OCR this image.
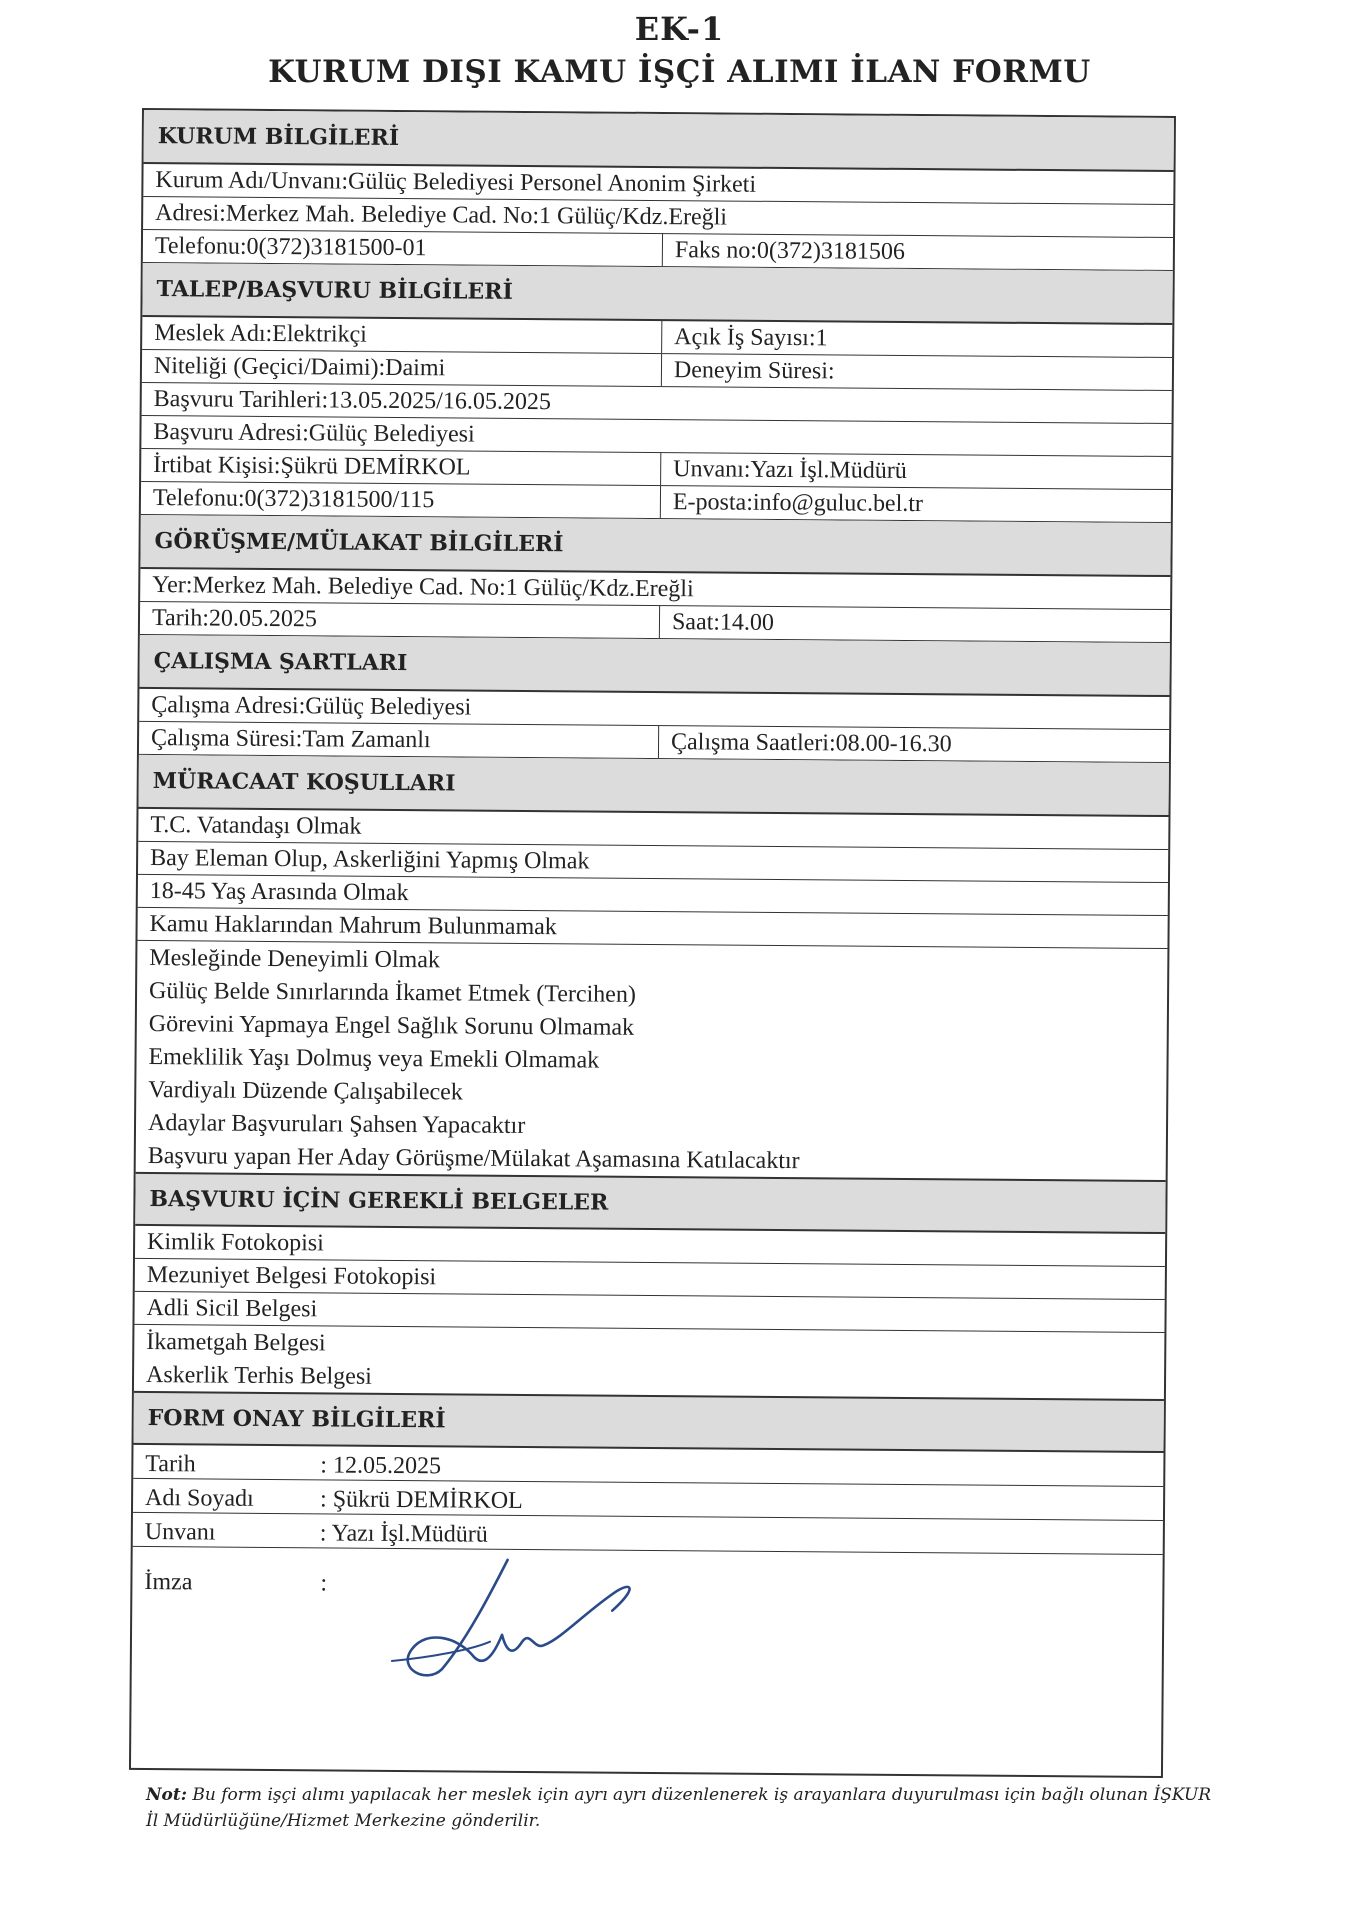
EK-1
KURUM DIŞI KAMU İŞÇİ ALIMI İLAN FORMU
KURUM BİLGİLERİ
Kurum Adı/Unvanı:Gülüç Belediyesi Personel Anonim Şirketi
Adresi:Merkez Mah. Belediye Cad. No:1 Gülüç/Kdz.Ereğli
Telefonu:0(372)3181500-01	Faks no:0(372)3181506
TALEP/BAŞVURU BİLGİLERİ
Meslek Adı:Elektrikçi	Açık İş Sayısı:1
Niteliği (Geçici/Daimi):Daimi	Deneyim Süresi:
Başvuru Tarihleri:13.05.2025/16.05.2025
Başvuru Adresi:Gülüç Belediyesi
İrtibat Kişisi:Şükrü DEMİRKOL	Unvanı:Yazı İşl.Müdürü
Telefonu:0(372)3181500/115	E-posta:info@guluc.bel.tr
GÖRÜŞME/MÜLAKAT BİLGİLERİ
Yer:Merkez Mah. Belediye Cad. No:1 Gülüç/Kdz.Ereğli
Tarih:20.05.2025	Saat:14.00
ÇALIŞMA ŞARTLARI
Çalışma Adresi:Gülüç Belediyesi
Çalışma Süresi:Tam Zamanlı	Çalışma Saatleri:08.00-16.30
MÜRACAAT KOŞULLARI
T.C. Vatandaşı Olmak
Bay Eleman Olup, Askerliğini Yapmış Olmak
18-45 Yaş Arasında Olmak
Kamu Haklarından Mahrum Bulunmamak
Mesleğinde Deneyimli Olmak
Gülüç Belde Sınırlarında İkamet Etmek (Tercihen)
Görevini Yapmaya Engel Sağlık Sorunu Olmamak
Emeklilik Yaşı Dolmuş veya Emekli Olmamak
Vardiyalı Düzende Çalışabilecek
Adaylar Başvuruları Şahsen Yapacaktır
Başvuru yapan Her Aday Görüşme/Mülakat Aşamasına Katılacaktır
BAŞVURU İÇİN GEREKLİ BELGELER
Kimlik Fotokopisi
Mezuniyet Belgesi Fotokopisi
Adli Sicil Belgesi
İkametgah Belgesi
Askerlik Terhis Belgesi
FORM ONAY BİLGİLERİ
Tarih	: 12.05.2025
Adı Soyadı	: Şükrü DEMİRKOL
Unvanı	: Yazı İşl.Müdürü
İmza	:
Not: Bu form işçi alımı yapılacak her meslek için ayrı ayrı düzenlenerek iş arayanlara duyurulması için bağlı olunan İŞKUR İl Müdürlüğüne/Hizmet Merkezine gönderilir.
